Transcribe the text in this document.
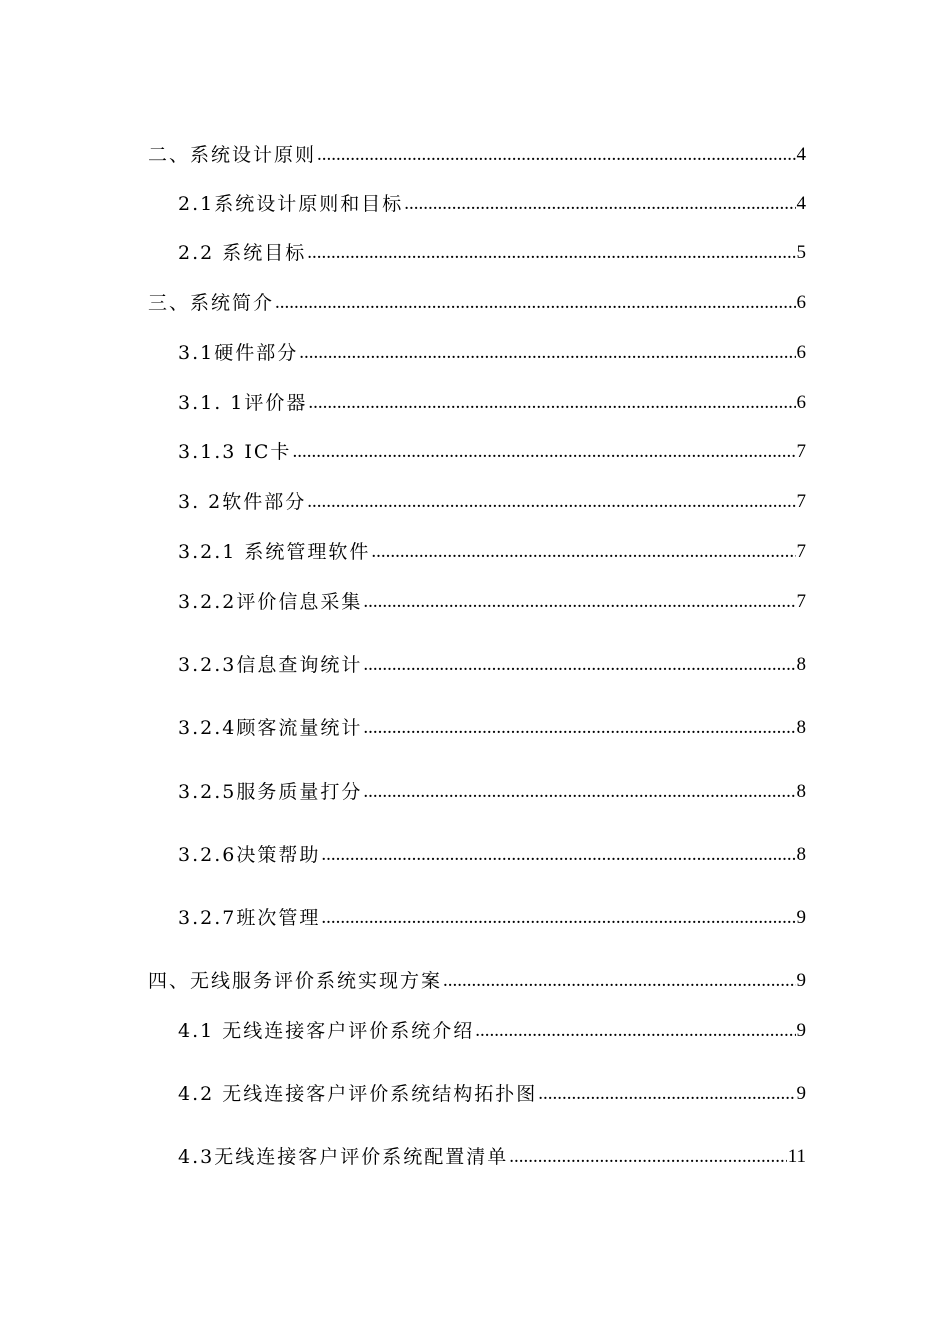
二、系统设计原则 .....	4
2.1系统设计原则和目标 .....	4
2.2 系统目标 .....	5
三、系统简介 .....	6
3.1硬件部分 .....	6
3.1. 1评价器 .....	6
3.1.3 IC卡 .....	7
3. 2软件部分 .....	7
3.2.1 系统管理软件 .....	7
3.2.2评价信息采集 .....	7
3.2.3信息查询统计 .....	8
3.2.4顾客流量统计 .....	8
3.2.5服务质量打分 .....	8
3.2.6决策帮助 .....	8
3.2.7班次管理 .....	9
四、无线服务评价系统实现方案 .....	9
4.1 无线连接客户评价系统介绍 .....	9
4.2 无线连接客户评价系统结构拓扑图 .....	9
4.3无线连接客户评价系统配置清单 .....	11
